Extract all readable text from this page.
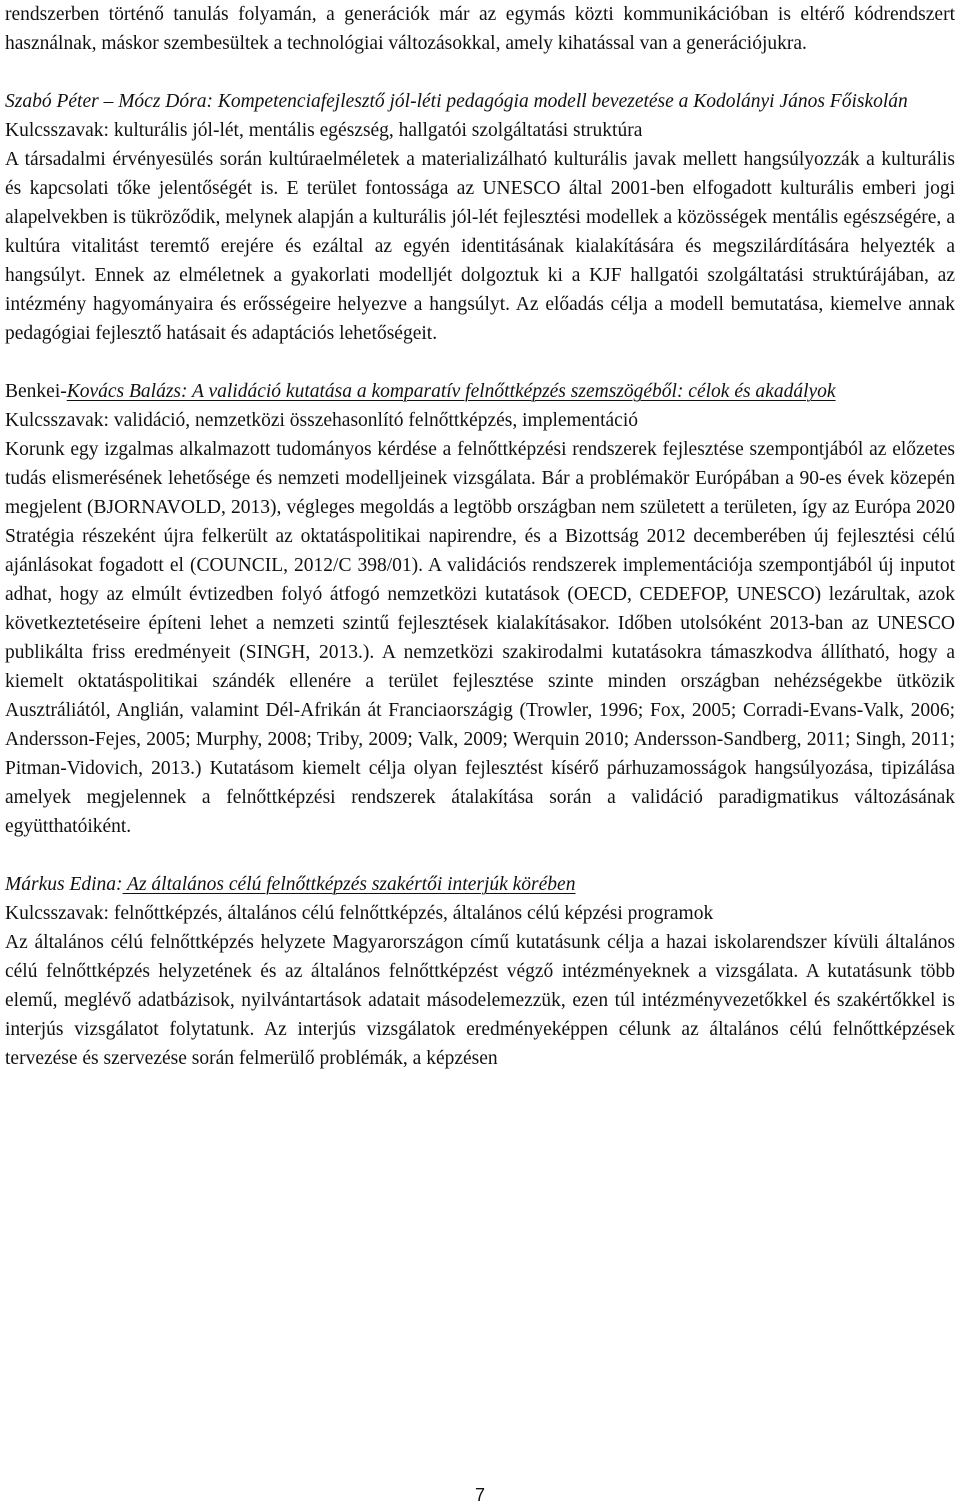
rendszerben történő tanulás folyamán, a generációk már az egymás közti kommunikációban is eltérő kódrendszert használnak, máskor szembesültek a technológiai változásokkal, amely kihatással van a generációjukra.

Szabó Péter – Mócz Dóra: Kompetenciafejlesztő jól-léti pedagógia modell bevezetése a Kodolányi János Főiskolán

Kulcsszavak: kulturális jól-lét, mentális egészség, hallgatói szolgáltatási struktúra

A társadalmi érvényesülés során kultúraelméletek a materializálható kulturális javak mellett hangsúlyozzák a kulturális és kapcsolati tőke jelentőségét is. E terület fontossága az UNESCO által 2001-ben elfogadott kulturális emberi jogi alapelvekben is tükröződik, melynek alapján a kulturális jól-lét fejlesztési modellek a közösségek mentális egészségére, a kultúra vitalitást teremtő erejére és ezáltal az egyén identitásának kialakítására és megszilárdítására helyezték a hangsúlyt. Ennek az elméletnek a gyakorlati modelljét dolgoztuk ki a KJF hallgatói szolgáltatási struktúrájában, az intézmény hagyományaira és erősségeire helyezve a hangsúlyt. Az előadás célja a modell bemutatása, kiemelve annak pedagógiai fejlesztő hatásait és adaptációs lehetőségeit.

Benkei-Kovács Balázs: A validáció kutatása a komparatív felnőttképzés szemszögéből: célok és akadályok

Kulcsszavak: validáció, nemzetközi összehasonlító felnőttképzés, implementáció

Korunk egy izgalmas alkalmazott tudományos kérdése a felnőttképzési rendszerek fejlesztése szempontjából az előzetes tudás elismerésének lehetősége és nemzeti modelljeinek vizsgálata. Bár a problémakör Európában a 90-es évek közepén megjelent (BJORNAVOLD, 2013), végleges megoldás a legtöbb országban nem született a területen, így az Európa 2020 Stratégia részeként újra felkerült az oktatáspolitikai napirendre, és a Bizottság 2012 decemberében új fejlesztési célú ajánlásokat fogadott el (COUNCIL, 2012/C 398/01). A validációs rendszerek implementációja szempontjából új inputot adhat, hogy az elmúlt évtizedben folyó átfogó nemzetközi kutatások (OECD, CEDEFOP, UNESCO) lezárultak, azok következtetéseire építeni lehet a nemzeti szintű fejlesztések kialakításakor. Időben utolsóként 2013-ban az UNESCO publikálta friss eredményeit (SINGH, 2013.). A nemzetközi szakirodalmi kutatásokra támaszkodva állítható, hogy a kiemelt oktatáspolitikai szándék ellenére a terület fejlesztése szinte minden országban nehézségekbe ütközik Ausztráliától, Anglián, valamint Dél-Afrikán át Franciaországig (Trowler, 1996; Fox, 2005; Corradi-Evans-Valk, 2006; Andersson-Fejes, 2005; Murphy, 2008; Triby, 2009; Valk, 2009; Werquin 2010; Andersson-Sandberg, 2011; Singh, 2011; Pitman-Vidovich, 2013.) Kutatásom kiemelt célja olyan fejlesztést kísérő párhuzamosságok hangsúlyozása, tipizálása amelyek megjelennek a felnőttképzési rendszerek átalakítása során a validáció paradigmatikus változásának együtthatóiként.

Márkus Edina: Az általános célú felnőttképzés szakértői interjúk körében

Kulcsszavak: felnőttképzés, általános célú felnőttképzés, általános célú képzési programok

Az általános célú felnőttképzés helyzete Magyarországon című kutatásunk célja a hazai iskolarendszer kívüli általános célú felnőttképzés helyzetének és az általános felnőttképzést végző intézményeknek a vizsgálata. A kutatásunk több elemű, meglévő adatbázisok, nyilvántartások adatait másodelemezzük, ezen túl intézményvezetőkkel és szakértőkkel is interjús vizsgálatot folytatunk. Az interjús vizsgálatok eredményeképpen célunk az általános célú felnőttképzések tervezése és szervezése során felmerülő problémák, a képzésen

7
